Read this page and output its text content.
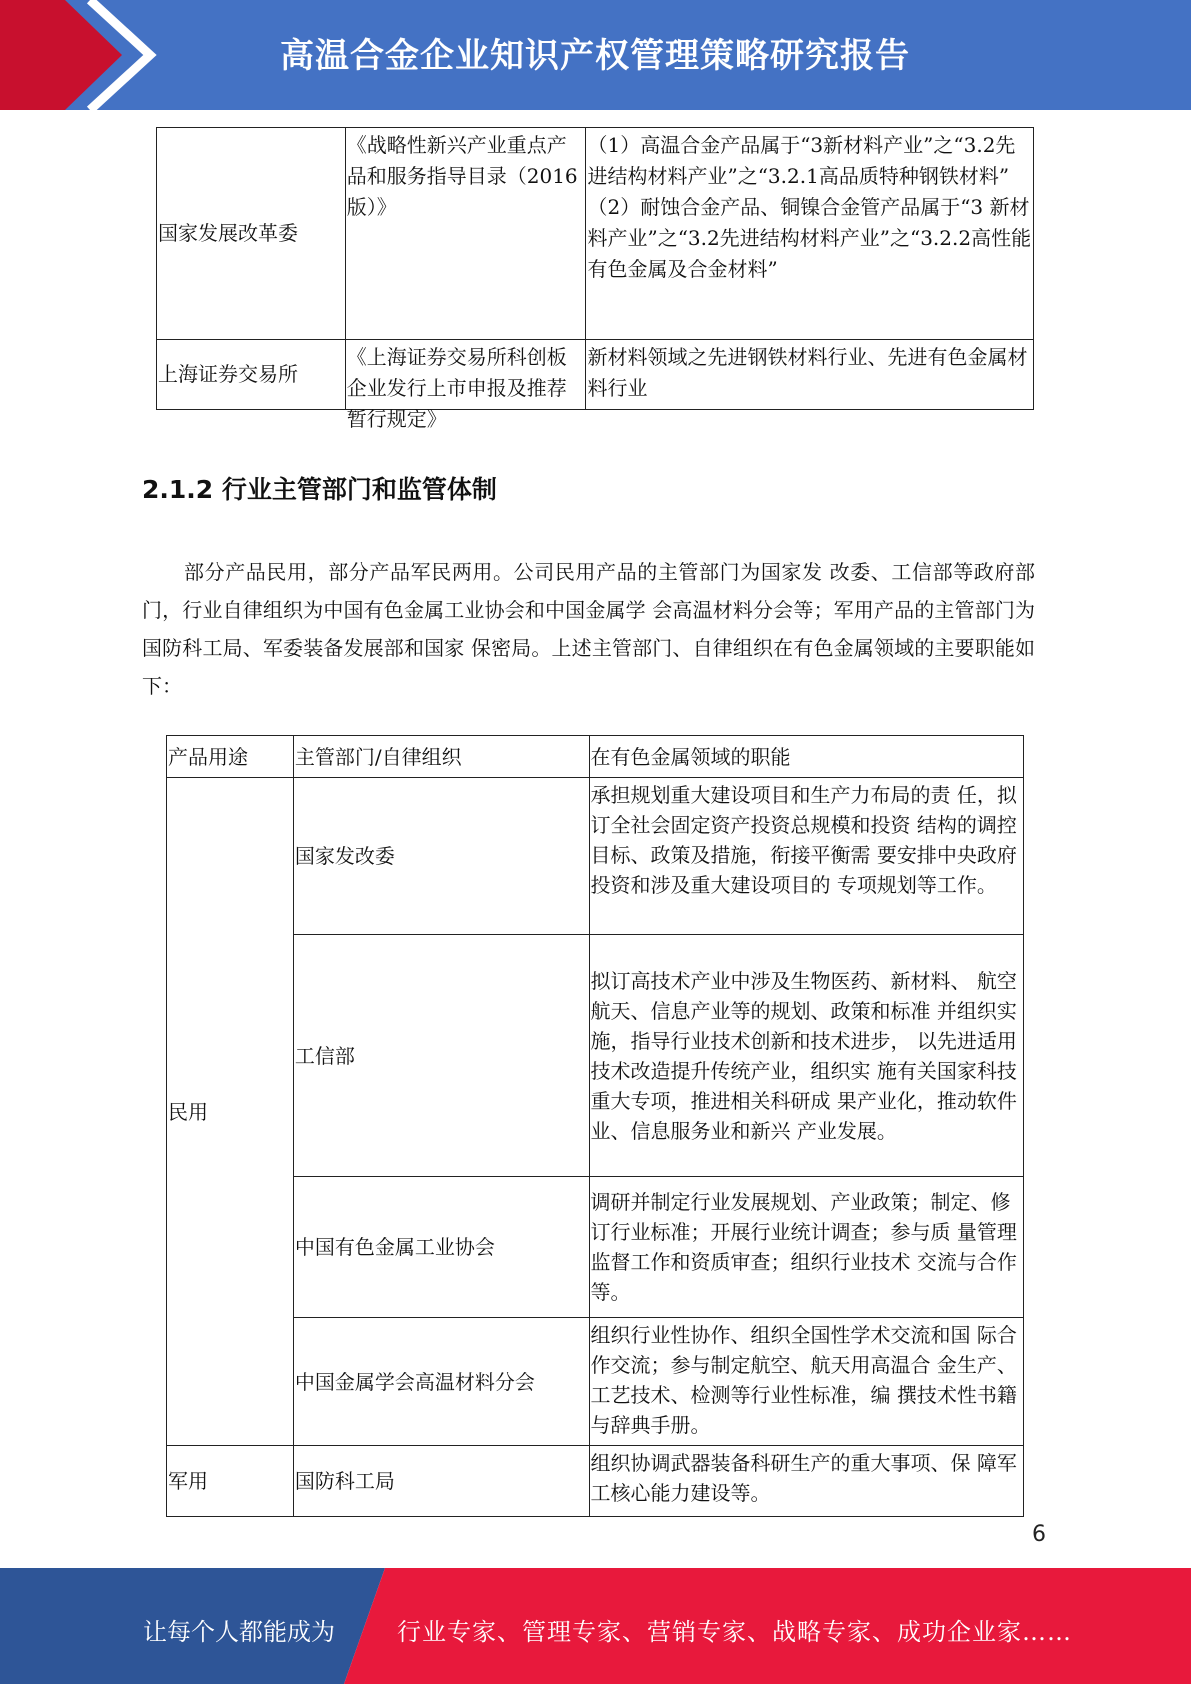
高温合金企业知识产权管理策略研究报告
国家发展改革委	《战略性新兴产业重点产品和服务指导目录（2016版）》	（1）高温合金产品属于“3新材料产业”之“3.2先进结构材料产业”之“3.2.1高品质特种钢铁材料”
（2）耐蚀合金产品、铜镍合金管产品属于“3 新材料产业”之“3.2先进结构材料产业”之“3.2.2高性能有色金属及合金材料”

上海证券交易所	《上海证券交易所科创板企业发行上市申报及推荐暂行规定》	新材料领域之先进钢铁材料行业、先进有色金属材料行业
2.1.2 行业主管部门和监管体制

部分产品民用，部分产品军民两用。公司民用产品的主管部门为国家发 改委、工信部等政府部门，行业自律组织为中国有色金属工业协会和中国金属学 会高温材料分会等；军用产品的主管部门为国防科工局、军委装备发展部和国家 保密局。上述主管部门、自律组织在有色金属领域的主要职能如下：

产品用途	主管部门/自律组织	在有色金属领域的职能
民用	国家发改委	承担规划重大建设项目和生产力布局的责 任，拟订全社会固定资产投资总规模和投资 结构的调控目标、政策及措施，衔接平衡需 要安排中央政府投资和涉及重大建设项目的 专项规划等工作。
	工信部	拟订高技术产业中涉及生物医药、新材料、 航空航天、信息产业等的规划、政策和标准 并组织实施，指导行业技术创新和技术进步， 以先进适用技术改造提升传统产业，组织实 施有关国家科技重大专项，推进相关科研成 果产业化，推动软件业、信息服务业和新兴 产业发展。
	中国有色金属工业协会	调研并制定行业发展规划、产业政策；制定、修订行业标准；开展行业统计调查；参与质 量管理监督工作和资质审查；组织行业技术 交流与合作等。
	中国金属学会高温材料分会	组织行业性协作、组织全国性学术交流和国 际合作交流；参与制定航空、航天用高温合 金生产、工艺技术、检测等行业性标准，编 撰技术性书籍与辞典手册。
军用	国防科工局	组织协调武器装备科研生产的重大事项、保 障军工核心能力建设等。
6
让每个人都能成为	行业专家、管理专家、营销专家、战略专家、成功企业家……
